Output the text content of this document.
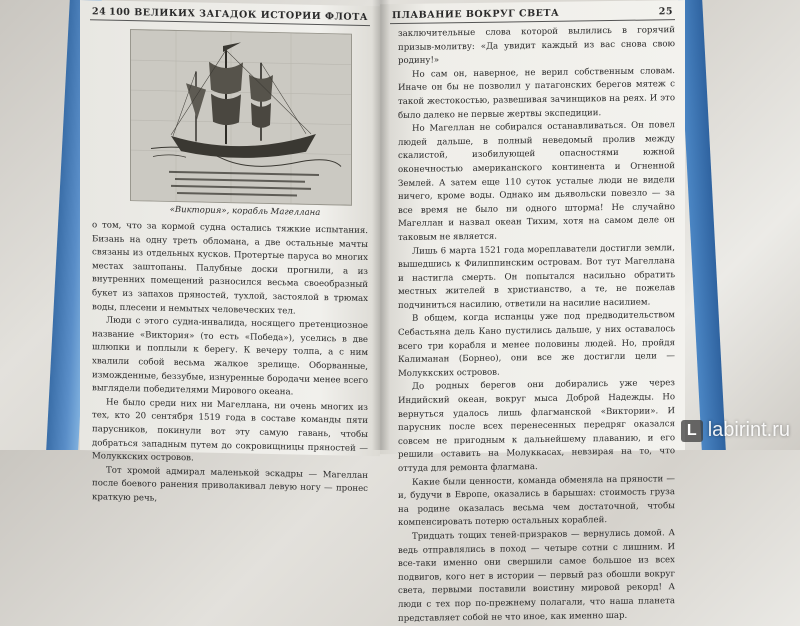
24 100 ВЕЛИКИХ ЗАГАДОК ИСТОРИИ ФЛОТА
«Виктория», корабль Магеллана

о том, что за кормой судна остались тяжкие испытания. Бизань на одну треть обломана, а две остальные мачты связаны из отдельных кусков. Протертые паруса во многих местах заштопаны. Палубные доски прогнили, а из внутренних помещений разносился весьма своеобразный букет из запахов пряностей, тухлой, застоялой в трюмах воды, плесени и немытых человеческих тел.

Люди с этого судна-инвалида, носящего претенциозное название «Виктория» (то есть «Победа»), уселись в две шлюпки и поплыли к берегу. К вечеру толпа, а с ним хвалили собой весьма жалкое зрелище. Оборванные, изможденные, беззубые, изнуренные бородачи менее всего выглядели победителями Мирового океана.

Не было среди них ни Магеллана, ни очень многих из тех, кто 20 сентября 1519 года в составе команды пяти парусников, покинули вот эту самую гавань, чтобы добраться западным путем до сокровищницы пряностей — Молуккских островов.

Тот хромой адмирал маленькой эскадры — Магеллан после боевого ранения приволакивал левую ногу — пронес краткую речь,

ПЛАВАНИЕ ВОКРУГ СВЕТА	25

заключительные слова которой вылились в горячий призыв-молитву: «Да увидит каждый из вас снова свою родину!»

Но сам он, наверное, не верил собственным словам. Иначе он бы не позволил у патагонских берегов мятеж с такой жестокостью, развешивая зачинщиков на реях. И это было далеко не первые жертвы экспедиции.

Но Магеллан не собирался останавливаться. Он повел людей дальше, в полный неведомый пролив между скалистой, изобилующей опасностями южной оконечностью американского континента и Огненной Землей. А затем еще 110 суток усталые люди не видели ничего, кроме воды. Однако им дьявольски повезло — за все время не было ни одного шторма! Не случайно Магеллан и назвал океан Тихим, хотя на самом деле он таковым не является.

Лишь 6 марта 1521 года мореплаватели достигли земли, вышедшись к Филиппинским островам. Вот тут Магеллана и настигла смерть. Он попытался насильно обратить местных жителей в христианство, а те, не пожелав подчиниться насилию, ответили на насилие насилием.

В общем, когда испанцы уже под предводительством Себастьяна дель Кано пустились дальше, у них оставалось всего три корабля и менее половины людей. Но, пройдя Калиманан (Борнео), они все же достигли цели — Молуккских островов.

До родных берегов они добирались уже через Индийский океан, вокруг мыса Доброй Надежды. Но вернуться удалось лишь флагманской «Виктории». И парусник после всех перенесенных передряг оказался совсем не пригодным к дальнейшему плаванию, и его решили оставить на Молуккасах, невзирая на то, что оттуда для ремонта флагмана.

Какие были ценности, команда обменяла на пряности — и, будучи в Европе, оказались в барышах: стоимость груза на родине оказалась весьма чем достаточной, чтобы компенсировать потерю остальных кораблей.

Тридцать тощих теней-призраков — вернулись домой. А ведь отправлялись в поход — четыре сотни с лишним. И все-таки именно они свершили самое большое из всех подвигов, кого нет в истории — первый раз обошли вокруг света, первыми поставили воистину мировой рекорд! А люди с тех пор по-прежнему полагали, что наша планета представляет собой не что иное, как именно шар.

L labirint.ru
